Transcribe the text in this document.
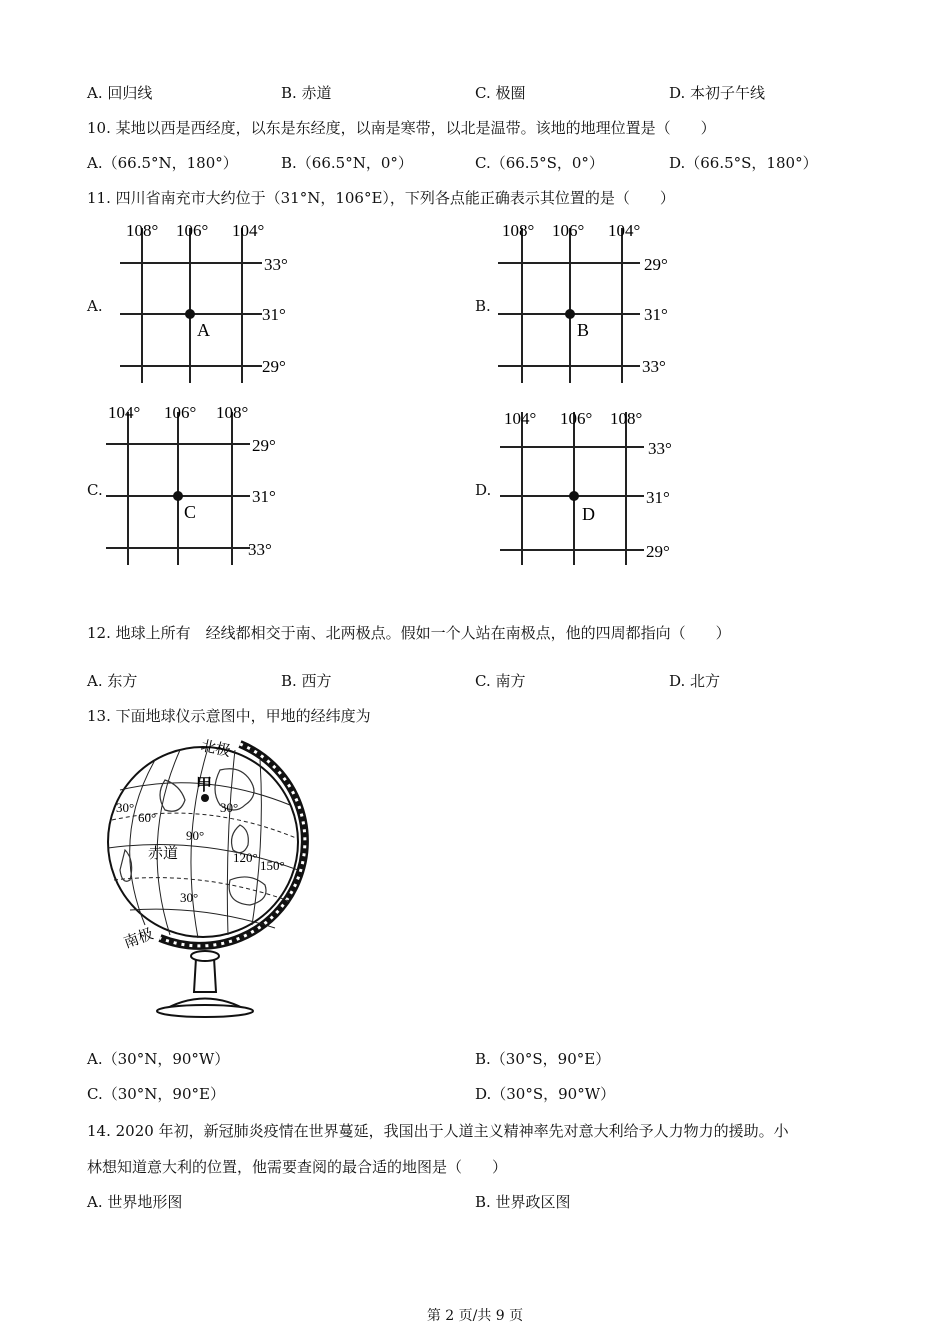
A. 回归线	B. 赤道	C. 极圈	D. 本初子午线
10. 某地以西是西经度，以东是东经度，以南是寒带，以北是温带。该地的地理位置是（　　）
A.（66.5°N，180°）	B.（66.5°N，0°）	C.（66.5°S，0°）	D.（66.5°S，180°）
11. 四川省南充市大约位于（31°N，106°E），下列各点能正确表示其位置的是（　　）
A.
108° 106° 104°
33°
31°
29°
A
B.
108° 106° 104°
29°
31°
33°
B
C.
104° 106° 108°
29°
31°
33°
C
D.
104° 106° 108°
33°
31°
29°
D
12. 地球上所有　经线都相交于南、北两极点。假如一个人站在南极点，他的四周都指向（　　）
A. 东方	B. 西方	C. 南方	D. 北方
13. 下面地球仪示意图中，甲地的经纬度为
甲
北极
南极
赤道
30°
60°
30°
90°
120°
150°
30°
A.（30°N，90°W）	B.（30°S，90°E）
C.（30°N，90°E）	D.（30°S，90°W）
14. 2020 年初，新冠肺炎疫情在世界蔓延，我国出于人道主义精神率先对意大利给予人力物力的援助。小
林想知道意大利的位置，他需要查阅的最合适的地图是（　　）
A. 世界地形图	B. 世界政区图
第 2 页/共 9 页
